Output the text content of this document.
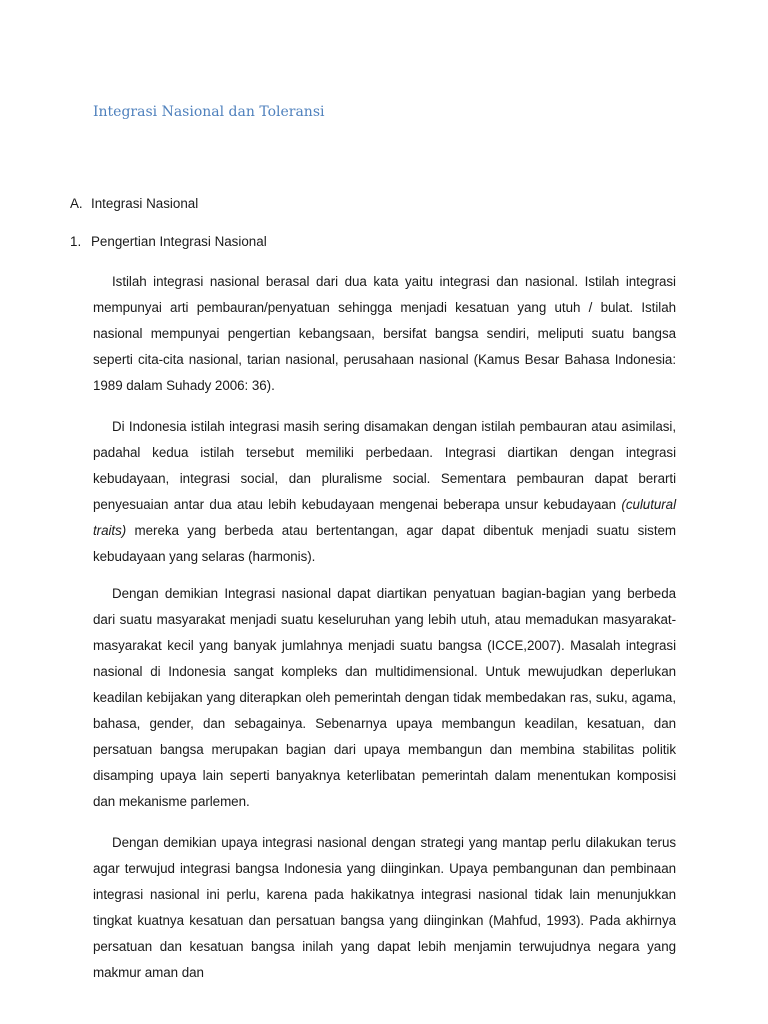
Integrasi Nasional dan Toleransi
A. Integrasi Nasional
1. Pengertian Integrasi Nasional

Istilah integrasi nasional berasal dari dua kata yaitu integrasi dan nasional. Istilah integrasi mempunyai arti pembauran/penyatuan sehingga menjadi kesatuan yang utuh / bulat. Istilah nasional mempunyai pengertian kebangsaan, bersifat bangsa sendiri, meliputi suatu bangsa seperti cita-cita nasional, tarian nasional, perusahaan nasional (Kamus Besar Bahasa Indonesia: 1989 dalam Suhady 2006: 36).

Di Indonesia istilah integrasi masih sering disamakan dengan istilah pembauran atau asimilasi, padahal kedua istilah tersebut memiliki perbedaan. Integrasi diartikan dengan integrasi kebudayaan, integrasi social, dan pluralisme social. Sementara pembauran dapat berarti penyesuaian antar dua atau lebih kebudayaan mengenai beberapa unsur kebudayaan (culutural traits) mereka yang berbeda atau bertentangan, agar dapat dibentuk menjadi suatu sistem kebudayaan yang selaras (harmonis).

Dengan demikian Integrasi nasional dapat diartikan penyatuan bagian-bagian yang berbeda dari suatu masyarakat menjadi suatu keseluruhan yang lebih utuh, atau memadukan masyarakat-masyarakat kecil yang banyak jumlahnya menjadi suatu bangsa (ICCE,2007). Masalah integrasi nasional di Indonesia sangat kompleks dan multidimensional. Untuk mewujudkan deperlukan keadilan kebijakan yang diterapkan oleh pemerintah dengan tidak membedakan ras, suku, agama, bahasa, gender, dan sebagainya. Sebenarnya upaya membangun keadilan, kesatuan, dan persatuan bangsa merupakan bagian dari upaya membangun dan membina stabilitas politik disamping upaya lain seperti banyaknya keterlibatan pemerintah dalam menentukan komposisi dan mekanisme parlemen.

Dengan demikian upaya integrasi nasional dengan strategi yang mantap perlu dilakukan terus agar terwujud integrasi bangsa Indonesia yang diinginkan. Upaya pembangunan dan pembinaan integrasi nasional ini perlu, karena pada hakikatnya integrasi nasional tidak lain menunjukkan tingkat kuatnya kesatuan dan persatuan bangsa yang diinginkan (Mahfud, 1993). Pada akhirnya persatuan dan kesatuan bangsa inilah yang dapat lebih menjamin terwujudnya negara yang makmur aman dan
